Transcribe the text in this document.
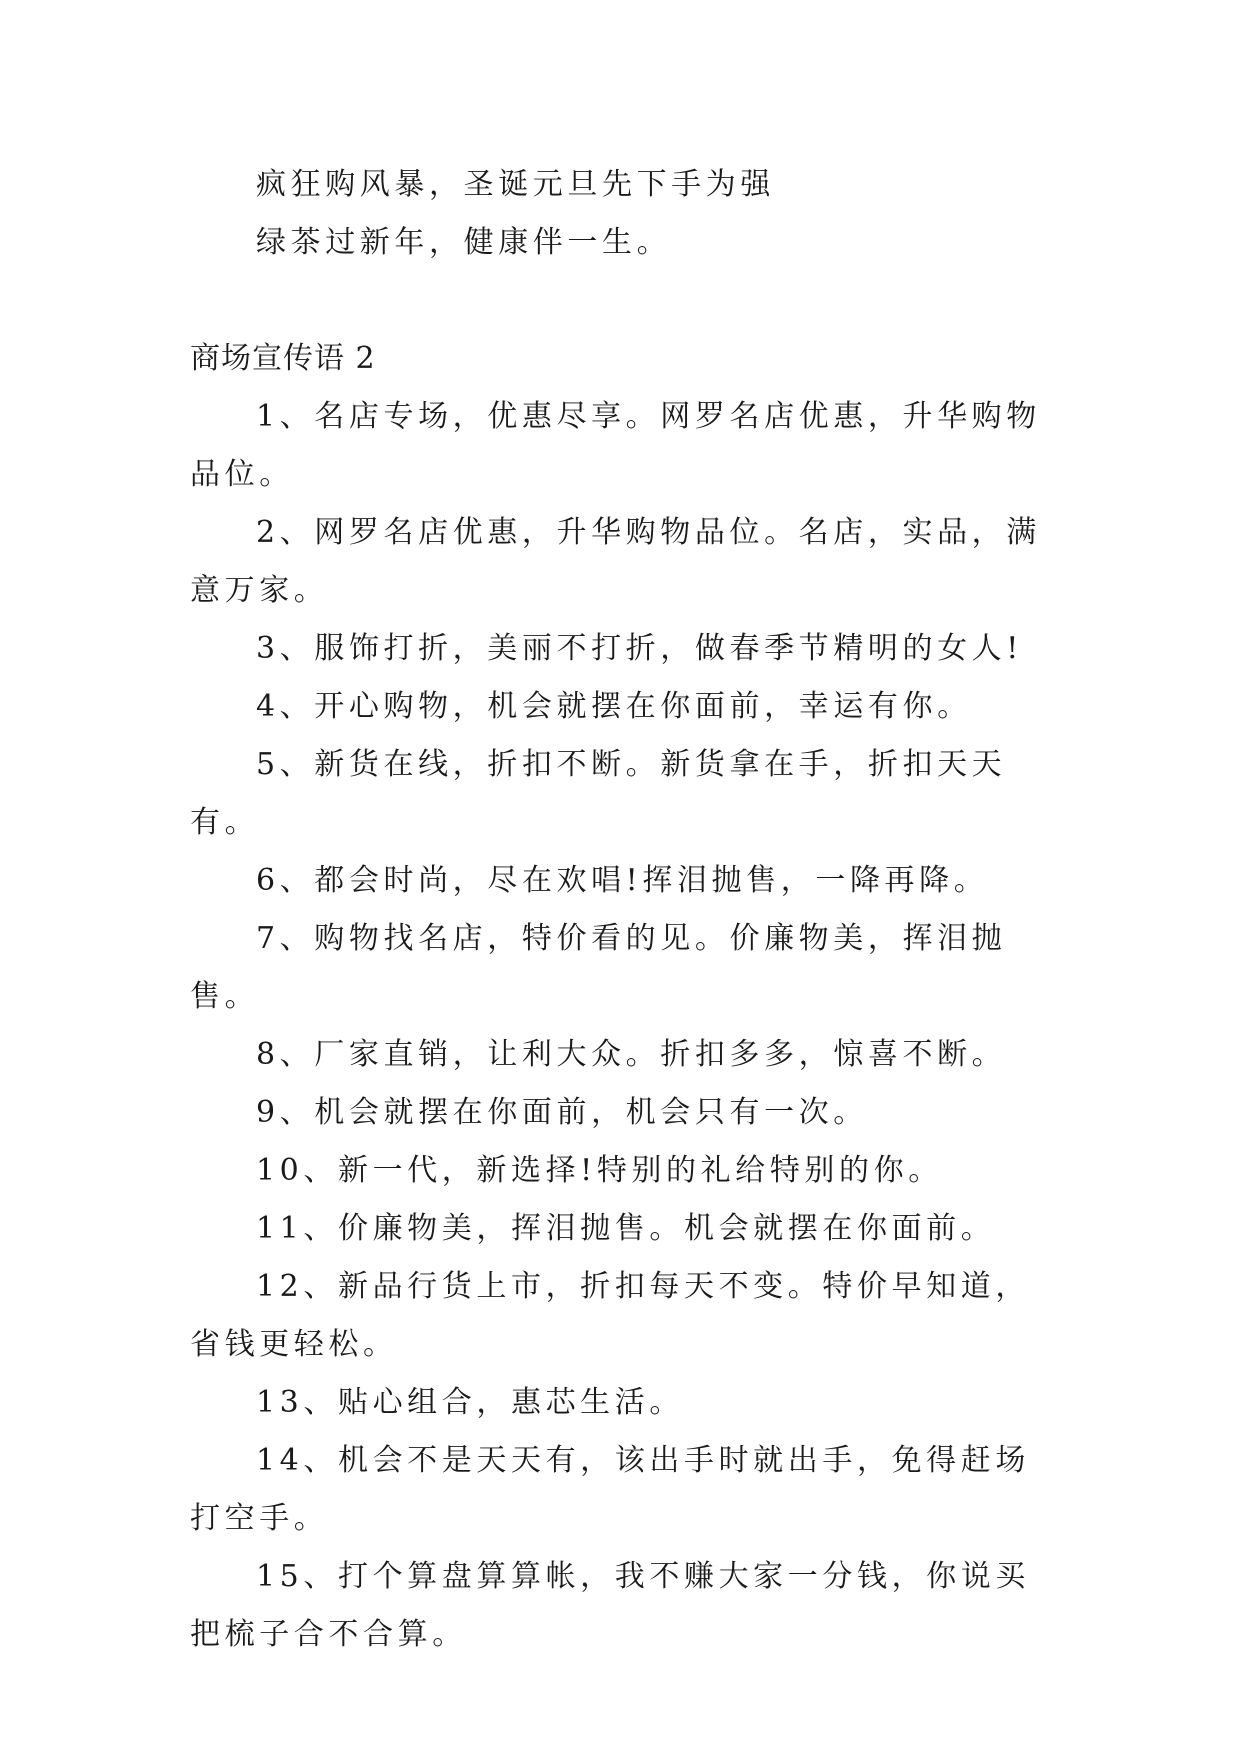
疯狂购风暴，圣诞元旦先下手为强

绿茶过新年，健康伴一生。

商场宣传语 2

1、名店专场，优惠尽享。网罗名店优惠，升华购物品位。

2、网罗名店优惠，升华购物品位。名店，实品，满意万家。

3、服饰打折，美丽不打折，做春季节精明的女人!

4、开心购物，机会就摆在你面前，幸运有你。

5、新货在线，折扣不断。新货拿在手，折扣天天有。

6、都会时尚，尽在欢唱!挥泪抛售，一降再降。

7、购物找名店，特价看的见。价廉物美，挥泪抛售。

8、厂家直销，让利大众。折扣多多，惊喜不断。

9、机会就摆在你面前，机会只有一次。

10、新一代，新选择!特别的礼给特别的你。

11、价廉物美，挥泪抛售。机会就摆在你面前。

12、新品行货上市，折扣每天不变。特价早知道，省钱更轻松。

13、贴心组合，惠芯生活。

14、机会不是天天有，该出手时就出手，免得赶场打空手。

15、打个算盘算算帐，我不赚大家一分钱，你说买把梳子合不合算。
